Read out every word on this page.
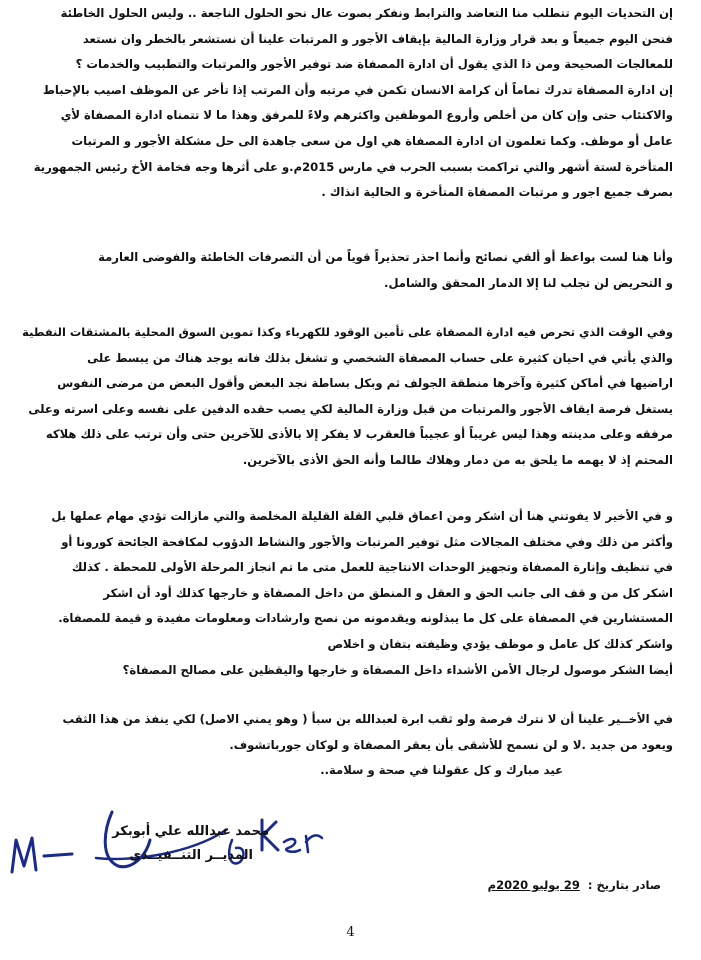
إن التحديات اليوم تتطلب منا التعاضد والترابط ونفكر بصوت عال نحو الحلول الناجعة .. وليس الحلول الخاطئة
فنحن اليوم جميعاً و بعد قرار وزارة المالية بإيقاف الأجور و المرتبات علينا أن نستشعر بالخطر وان نستعد
للمعالجات الصحيحة ومن ذا الذي يقول أن ادارة المصفاة ضد توفير الأجور والمرتبات والتطبيب والخدمات ؟
إن ادارة المصفاة تدرك تماماً أن كرامة الانسان تكمن في مرتبه وأن المرتب إذا تأخر عن الموظف اصيب بالإحباط
والاكتئاب حتى وإن كان من أخلص وأروع الموظفين واكثرهم ولاءً للمرفق وهذا ما لا تتمناه ادارة المصفاة لأي
عامل أو موظف. وكما تعلمون ان ادارة المصفاة هي اول من سعى جاهدة الى حل مشكلة الأجور و المرتبات
المتأخرة لستة أشهر والتي تراكمت بسبب الحرب في مارس 2015م.و على أثرها وجه فخامة الأخ رئيس الجمهورية
بصرف جميع اجور و مرتبات المصفاة المتأخرة و الحالية انذاك .
وأنا هنا لست بواعظ أو ألقي نصائح وأنما احذر تحذيراً قوياً من أن التصرفات الخاطئة والفوضى العارمة
و التحريض لن تجلب لنا إلا الدمار المحقق والشامل.
وفي الوقت الذي تحرص فيه ادارة المصفاة على تأمين الوقود للكهرباء وكذا تموين السوق المحلية بالمشتقات النفطية
والذي يأتي في احيان كثيرة على حساب المصفاة الشخصي و تشغل بذلك فانه يوجد هناك من يبسط على
اراضيها في أماكن كثيرة وآخرها منطقة الجولف ثم وبكل بساطة نجد البعض وأقول البعض من مرضى النفوس
يستغل فرصة ايقاف الأجور والمرتبات من قبل وزارة المالية لكي يصب حقده الدفين على نفسه وعلى اسرته وعلى
مرفقه وعلى مدينته وهذا ليس غريباً أو عجيباً فالعقرب لا يفكر إلا بالأذى للآخرين حتى وأن ترتب على ذلك هلاكه
المحتم إذ لا يهمه ما يلحق به من دمار وهلاك طالما وأنه الحق الأذى بالآخرين.
و في الأخير لا يفوتني هنا أن اشكر ومن اعماق قلبي القلة القليلة المخلصة والتي مازالت تؤدي مهام عملها بل
وأكثر من ذلك وفي مختلف المجالات مثل توفير المرتبات والأجور والنشاط الدؤوب لمكافحة الجائحة كورونا أو
في تنظيف وإنارة المصفاة وتجهيز الوحدات الانتاجية للعمل متى ما تم انجاز المرحلة الأولى للمحطة . كذلك
اشكر كل من و قف الى جانب الحق و العقل و المنطق من داخل المصفاة و خارجها كذلك أود أن اشكر
المستشارين في المصفاة على كل ما يبذلونه ويقدمونه من نصح وارشادات ومعلومات مفيدة و قيمة للمصفاة.
واشكر كذلك كل عامل و موظف يؤدي وظيفته بتفان و اخلاص
أيضا الشكر موصول لرجال الأمن الأشداء داخل المصفاة و خارجها واليقظين على مصالح المصفاة؟
في الأخــير علينا أن لا نترك فرصة ولو ثقب ابرة لعبدالله بن سبأ ( وهو يمني الاصل) لكي ينفذ من هذا الثقب
ويعود من جديد .لا و لن نسمح للأشقى بأن يعقر المصفاة و لوكان جورباتشوف.
عيد مبارك و كل عقولنا في صحة و سلامة..
محمد عبدالله علي أبوبكر
المديــر التنــفيــذي
صادر بتاريخ : 29 يوليو 2020م
4
